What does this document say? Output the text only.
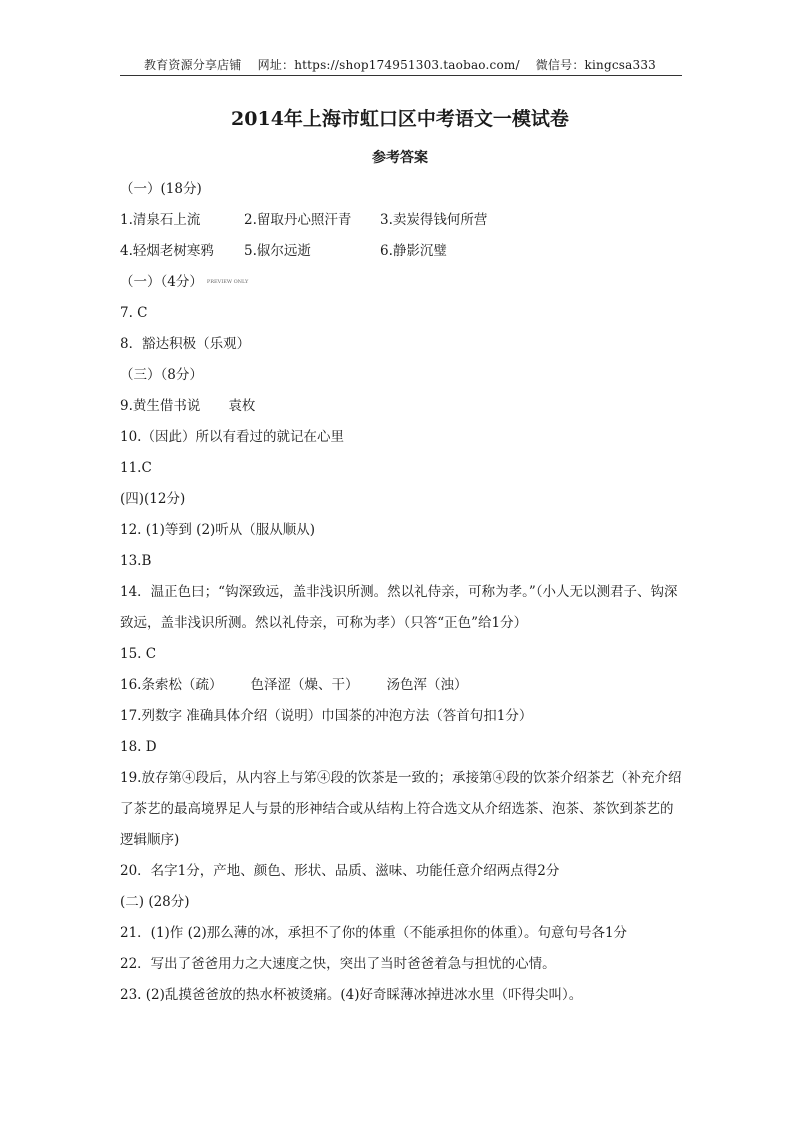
教育资源分享店铺 网址：https://shop174951303.taobao.com/ 微信号：kingcsa333
2014年上海市虹口区中考语文一模试卷
参考答案
（一）(18分)
1.清泉石上流	2.留取丹心照汗青	3.卖炭得钱何所营
4.轻烟老树寒鸦	5.俶尔远逝	6.静影沉璧
（一）（4分） PREVIEW ONLY
7. C
8．豁达积极（乐观）
（三）（8分）
9.黄生借书说 袁枚
10.（因此）所以有看过的就记在心里
11.C
(四)(12分)
12. (1)等到 (2)听从（服从顺从)
13.B
14．温正色曰；“钩深致远，盖非浅识所测。然以礼侍亲，可称为孝。”（小人无以测君子、钩深致远，盖非浅识所测。然以礼侍亲，可称为孝）（只答“正色”给1分）
15. C
16.条索松（疏） 色泽涩（燥、干） 汤色浑（浊）
17.列数字 准确具体介绍（说明）巾国茶的冲泡方法（答首句扣1分）
18. D
19.放存第④段后，从内容上与笫④段的饮茶是一致的；承接第④段的饮茶介绍茶艺（补充介绍了茶艺的最高境界足人与景的形神结合或从结构上符合选文从介绍选茶、泡茶、茶饮到茶艺的逻辑顺序)
20．名字1分，产地、颜色、形状、品质、滋味、功能任意介绍两点得2分
(二) (28分)
21．(1)作 (2)那么薄的冰，承担不了你的体重（不能承担你的体重）。句意句号各1分
22．写出了爸爸用力之大速度之快，突出了当时爸爸着急与担忧的心情。
23. (2)乱摸爸爸放的热水杯被烫痛。(4)好奇睬薄冰掉进冰水里（吓得尖叫）。
